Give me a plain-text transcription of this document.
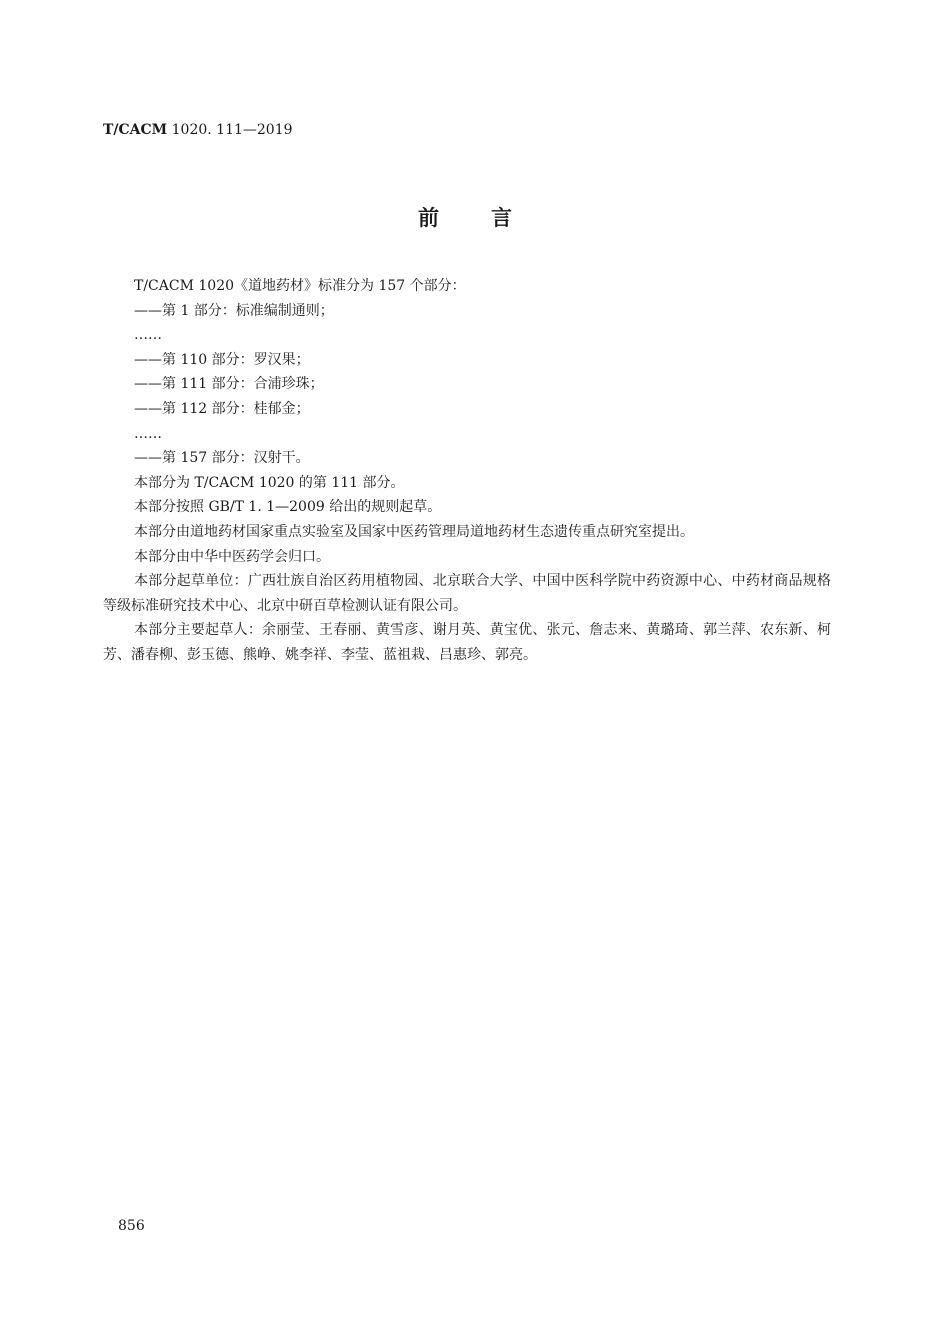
T/CACM 1020. 111—2019
前言
T/CACM 1020《道地药材》标准分为 157 个部分：
——第 1 部分：标准编制通则；
……
——第 110 部分：罗汉果；
——第 111 部分：合浦珍珠；
——第 112 部分：桂郁金；
……
——第 157 部分：汉射干。
本部分为 T/CACM 1020 的第 111 部分。
本部分按照 GB/T 1. 1—2009 给出的规则起草。
本部分由道地药材国家重点实验室及国家中医药管理局道地药材生态遗传重点研究室提出。
本部分由中华中医药学会归口。
本部分起草单位：广西壮族自治区药用植物园、北京联合大学、中国中医科学院中药资源中心、中药材商品规格等级标准研究技术中心、北京中研百草检测认证有限公司。
本部分主要起草人：余丽莹、王春丽、黄雪彦、谢月英、黄宝优、张元、詹志来、黄璐琦、郭兰萍、农东新、柯芳、潘春柳、彭玉德、熊峥、姚李祥、李莹、蓝祖栽、吕惠珍、郭亮。
856
